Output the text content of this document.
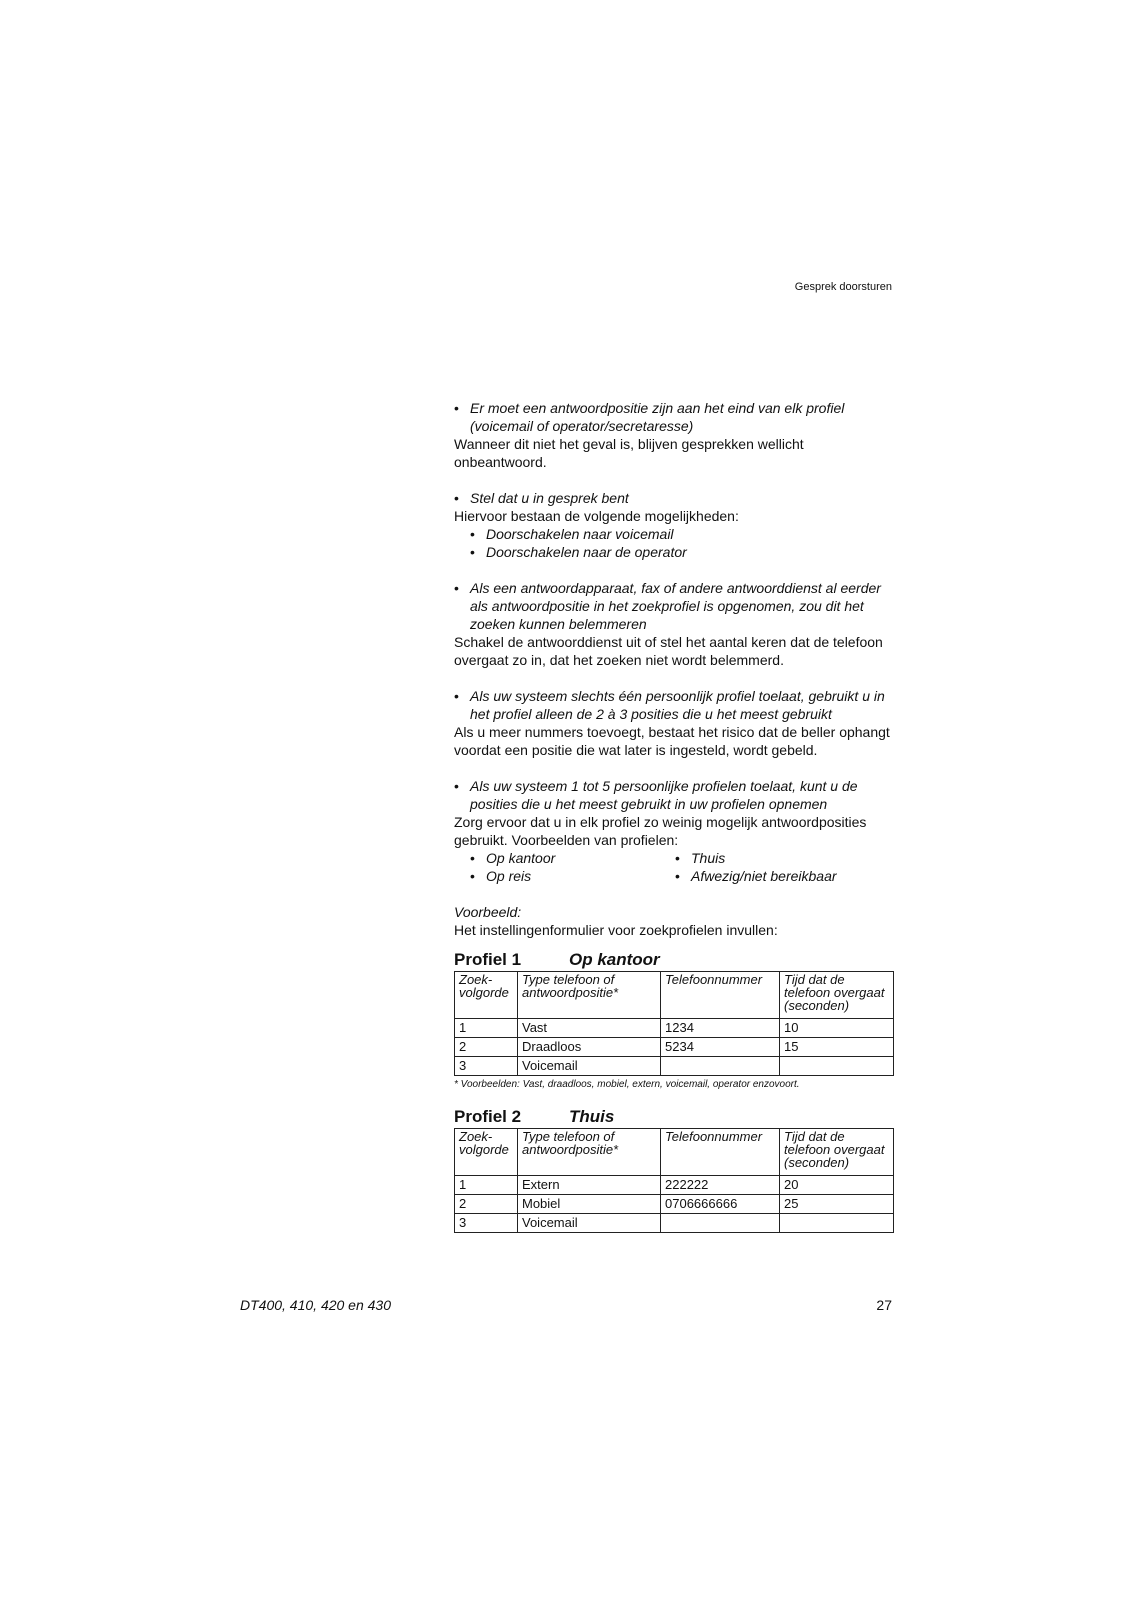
Gesprek doorsturen
• Er moet een antwoordpositie zijn aan het eind van elk profiel (voicemail of operator/secretaresse)
Wanneer dit niet het geval is, blijven gesprekken wellicht onbeantwoord.
• Stel dat u in gesprek bent
Hiervoor bestaan de volgende mogelijkheden:
• Doorschakelen naar voicemail
• Doorschakelen naar de operator
• Als een antwoordapparaat, fax of andere antwoorddienst al eerder als antwoordpositie in het zoekprofiel is opgenomen, zou dit het zoeken kunnen belemmeren
Schakel de antwoorddienst uit of stel het aantal keren dat de telefoon overgaat zo in, dat het zoeken niet wordt belemmerd.
• Als uw systeem slechts één persoonlijk profiel toelaat, gebruikt u in het profiel alleen de 2 à 3 posities die u het meest gebruikt
Als u meer nummers toevoegt, bestaat het risico dat de beller ophangt voordat een positie die wat later is ingesteld, wordt gebeld.
• Als uw systeem 1 tot 5 persoonlijke profielen toelaat, kunt u de posities die u het meest gebruikt in uw profielen opnemen
Zorg ervoor dat u in elk profiel zo weinig mogelijk antwoordposities gebruikt. Voorbeelden van profielen:
• Op kantoor
• Op reis
• Thuis
• Afwezig/niet bereikbaar
Voorbeeld:
Het instellingenformulier voor zoekprofielen invullen:
Profiel 1	Op kantoor
Zoek-
volgorde	Type telefoon of
antwoordpositie*	Telefoonnummer	Tijd dat de
telefoon overgaat
(seconden)
1	Vast	1234	10
2	Draadloos	5234	15
3	Voicemail		
* Voorbeelden: Vast, draadloos, mobiel, extern, voicemail, operator enzovoort.
Profiel 2	Thuis
Zoek-
volgorde	Type telefoon of
antwoordpositie*	Telefoonnummer	Tijd dat de
telefoon overgaat
(seconden)
1	Extern	222222	20
2	Mobiel	0706666666	25
3	Voicemail		
DT400, 410, 420 en 430	27
